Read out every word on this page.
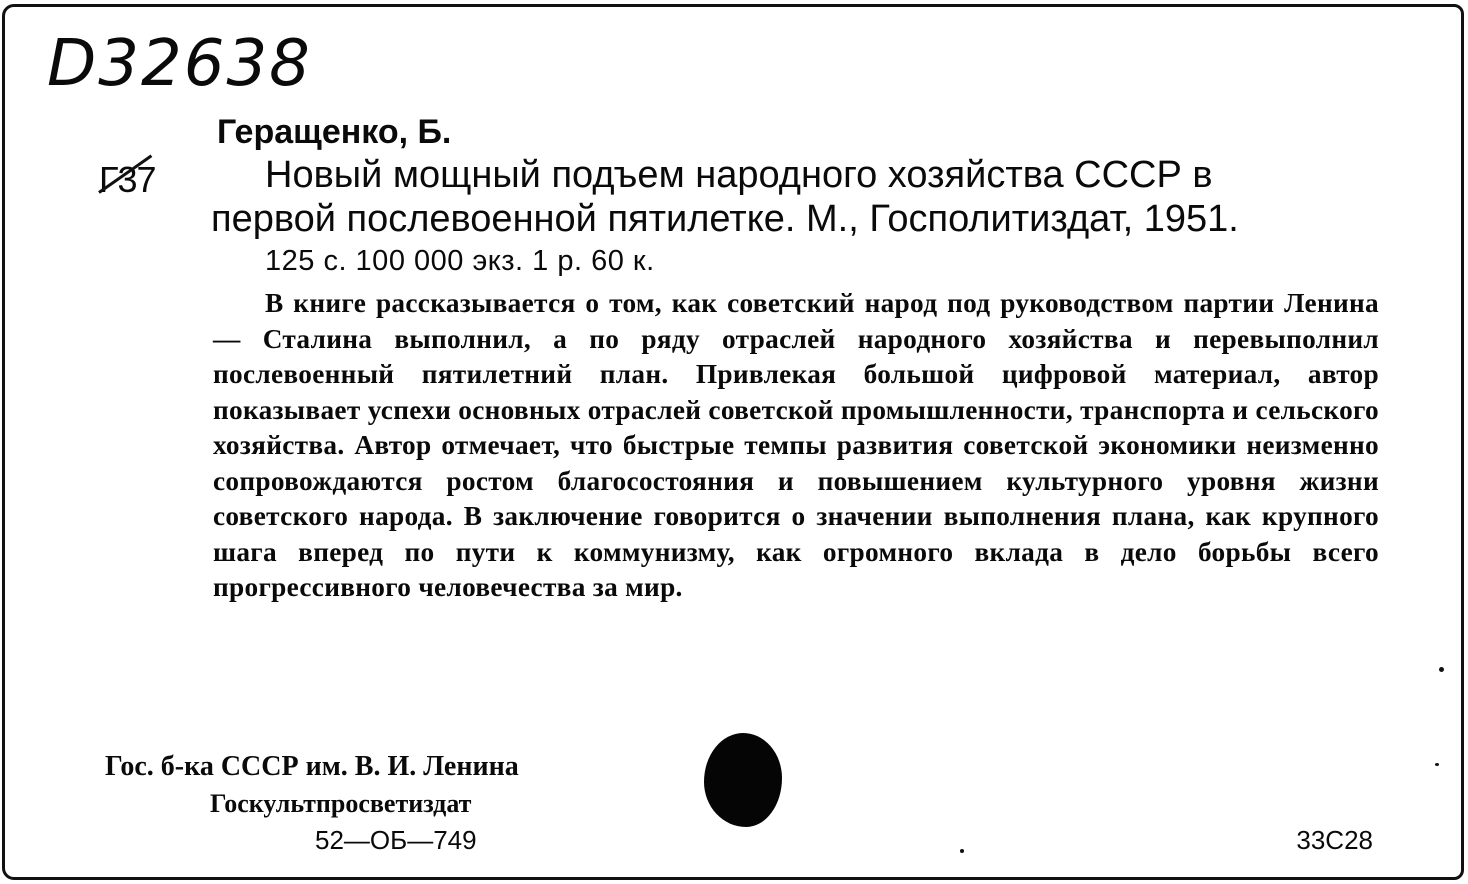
D32638
Г37
Геращенко, Б.

Новый мощный подъем народного хозяйства СССР в

первой послевоенной пятилетке. М., Госполитиздат, 1951.

125 с. 100 000 экз. 1 р. 60 к.

В книге рассказывается о том, как советский народ под руководством партии Ленина — Сталина выполнил, а по ряду отраслей народного хозяйства и перевыполнил послевоенный пятилетний план. Привлекая большой цифровой материал, автор показывает успехи основных отраслей советской промышленности, транспорта и сельского хозяйства. Автор отмечает, что быстрые темпы развития советской экономики неизменно сопровождаются ростом благосостояния и повышением культурного уровня жизни советского народа. В заключение говорится о значении выполнения плана, как крупного шага вперед по пути к коммунизму, как огромного вклада в дело борьбы всего прогрессивного человечества за мир.

Гос. б-ка СССР им. В. И. Ленина
Госкультпросветиздат
52—ОБ—749	33С28
